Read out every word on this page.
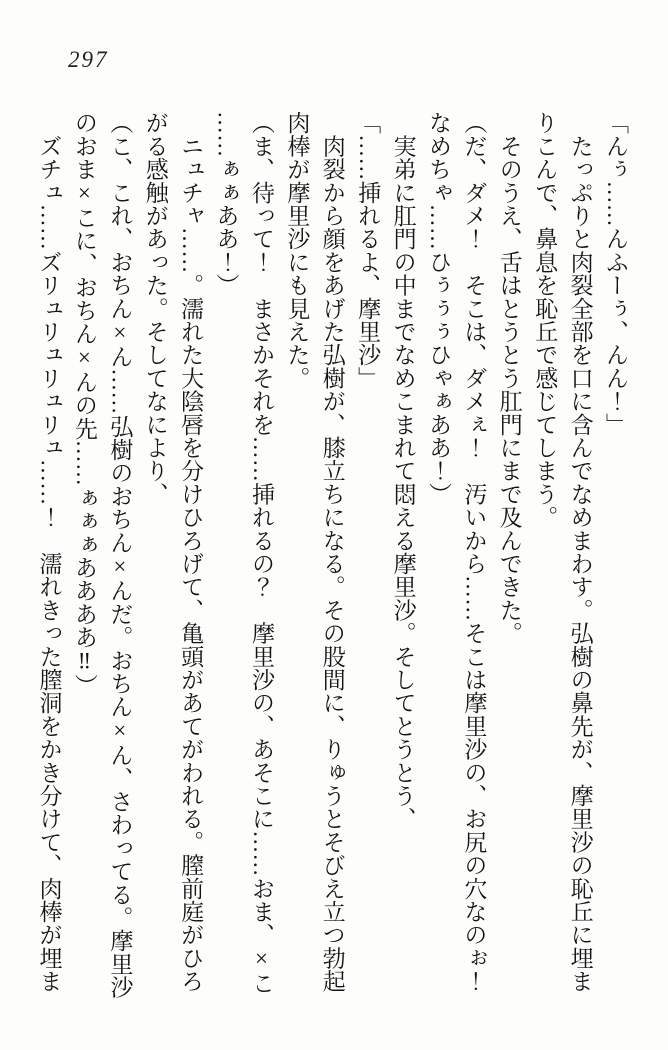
297
「んぅ……んふーぅ、んん！」
　たっぷりと肉裂全部を口に含んでなめまわす。弘樹の鼻先が、摩里沙の恥丘に埋ま
りこんで、鼻息を恥丘で感じてしまう。
　そのうえ、舌はとうとう肛門にまで及んできた。
（だ、ダメ！　そこは、ダメぇ！　汚いから……そこは摩里沙の、お尻の穴なのぉ！
なめちゃ……ひぅぅぅひゃぁああ！）
　実弟に肛門の中までなめこまれて悶える摩里沙。そしてとうとう、
「……挿れるよ、摩里沙」
　肉裂から顔をあげた弘樹が、膝立ちになる。その股間に、りゅうとそびえ立つ勃起
肉棒が摩里沙にも見えた。
（ま、待って！　まさかそれを……挿れるの？　摩里沙の、あそこに……おま、×こ
……ぁぁああ！）
　ニュチャ……。濡れた大陰唇を分けひろげて、亀頭があてがわれる。膣前庭がひろ
がる感触があった。そしてなにより、
（こ、これ、おちん×ん……弘樹のおちん×んだ。おちん×ん、さわってる。摩里沙
のおま×こに、おちん×んの先……ぁぁぁああああ‼）
　ズチュ……ズリュリュリュリュ……！　濡れきった膣洞をかき分けて、肉棒が埋ま
